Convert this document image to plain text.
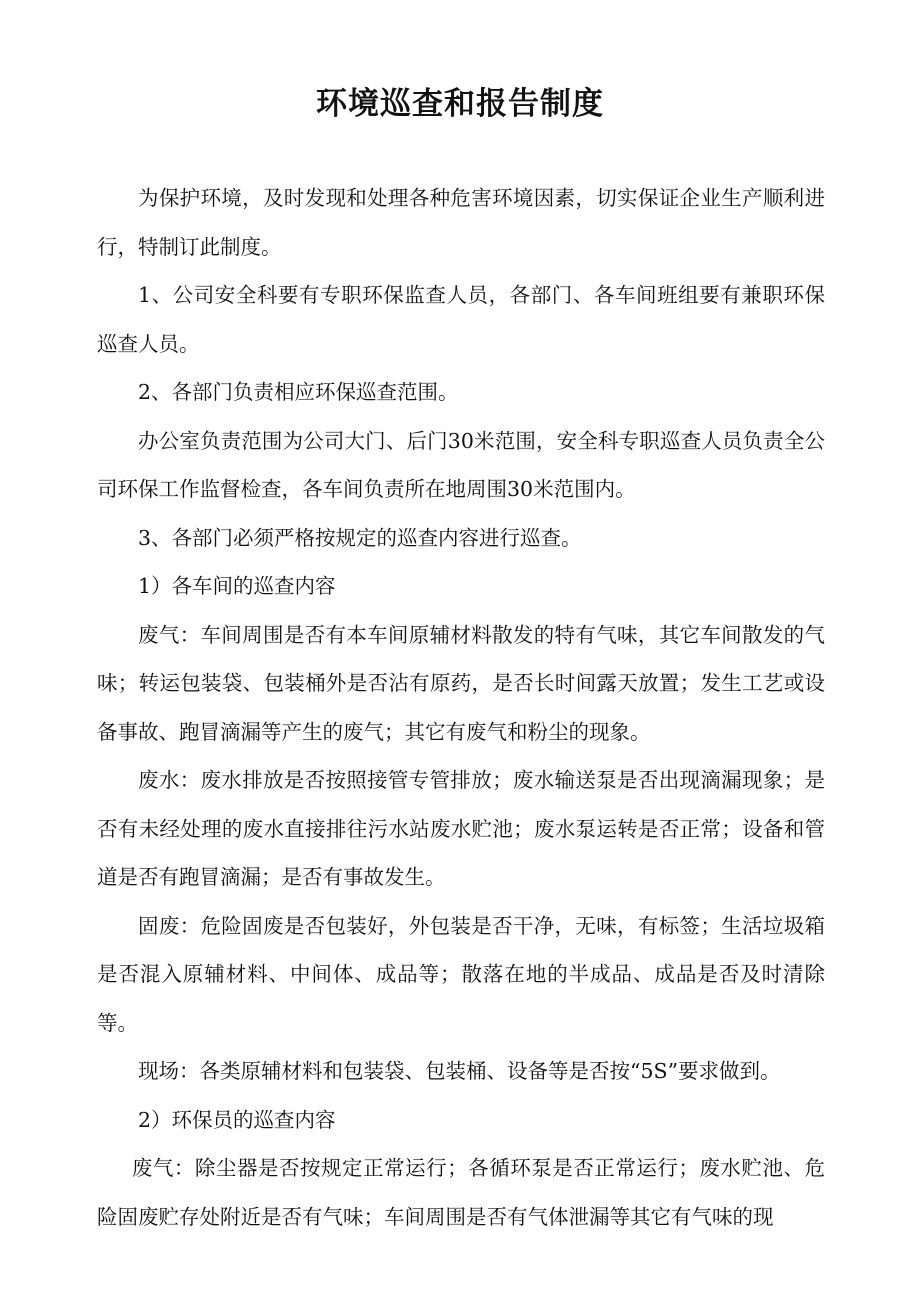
环境巡查和报告制度

为保护环境，及时发现和处理各种危害环境因素，切实保证企业生产顺利进行，特制订此制度。

1、公司安全科要有专职环保监查人员，各部门、各车间班组要有兼职环保巡查人员。

2、各部门负责相应环保巡查范围。

办公室负责范围为公司大门、后门30米范围，安全科专职巡查人员负责全公司环保工作监督检查，各车间负责所在地周围30米范围内。

3、各部门必须严格按规定的巡查内容进行巡查。

1）各车间的巡查内容

废气：车间周围是否有本车间原辅材料散发的特有气味，其它车间散发的气味；转运包装袋、包装桶外是否沾有原药，是否长时间露天放置；发生工艺或设备事故、跑冒滴漏等产生的废气；其它有废气和粉尘的现象。

废水：废水排放是否按照接管专管排放；废水输送泵是否出现滴漏现象；是否有未经处理的废水直接排往污水站废水贮池；废水泵运转是否正常；设备和管道是否有跑冒滴漏；是否有事故发生。

固废：危险固废是否包装好，外包装是否干净，无味，有标签；生活垃圾箱是否混入原辅材料、中间体、成品等；散落在地的半成品、成品是否及时清除等。

现场：各类原辅材料和包装袋、包装桶、设备等是否按“5S”要求做到。

2）环保员的巡查内容

废气：除尘器是否按规定正常运行；各循环泵是否正常运行；废水贮池、危险固废贮存处附近是否有气味；车间周围是否有气体泄漏等其它有气味的现
